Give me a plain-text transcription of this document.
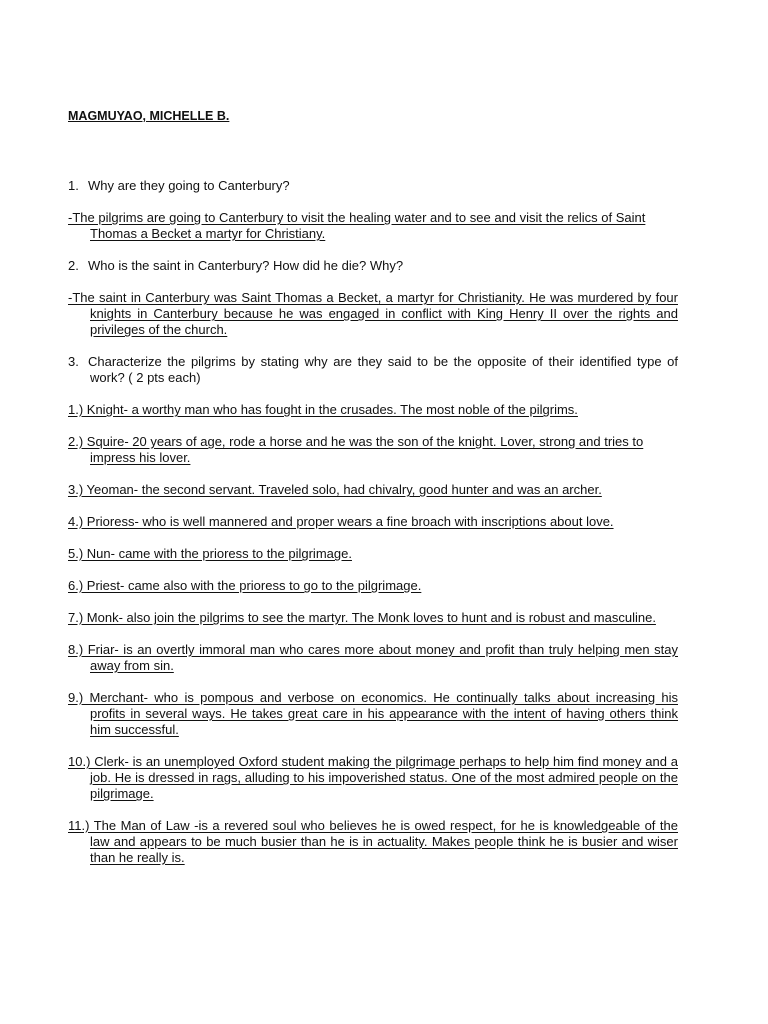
MAGMUYAO, MICHELLE B.

1. Why are they going to Canterbury?

-The pilgrims are going to Canterbury to visit the healing water and to see and visit the relics of Saint Thomas a Becket a martyr for Christiany.

2. Who is the saint in Canterbury? How did he die? Why?

-The saint in Canterbury was Saint Thomas a Becket, a martyr for Christianity. He was murdered by four knights in Canterbury because he was engaged in conflict with King Henry II over the rights and privileges of the church.

3. Characterize the pilgrims by stating why are they said to be the opposite of their identified type of work? ( 2 pts each)

1.) Knight- a worthy man who has fought in the crusades. The most noble of the pilgrims.

2.) Squire- 20 years of age, rode a horse and he was the son of the knight. Lover, strong and tries to impress his lover.

3.) Yeoman- the second servant. Traveled solo, had chivalry, good hunter and was an archer.

4.) Prioress- who is well mannered and proper wears a fine broach with inscriptions about love.

5.) Nun- came with the prioress to the pilgrimage.

6.) Priest- came also with the prioress to go to the pilgrimage.

7.) Monk- also join the pilgrims to see the martyr. The Monk loves to hunt and is robust and masculine.

8.) Friar- is an overtly immoral man who cares more about money and profit than truly helping men stay away from sin.

9.) Merchant- who is pompous and verbose on economics. He continually talks about increasing his profits in several ways. He takes great care in his appearance with the intent of having others think him successful.

10.) Clerk- is an unemployed Oxford student making the pilgrimage perhaps to help him find money and a job. He is dressed in rags, alluding to his impoverished status. One of the most admired people on the pilgrimage.

11.) The Man of Law -is a revered soul who believes he is owed respect, for he is knowledgeable of the law and appears to be much busier than he is in actuality. Makes people think he is busier and wiser than he really is.
